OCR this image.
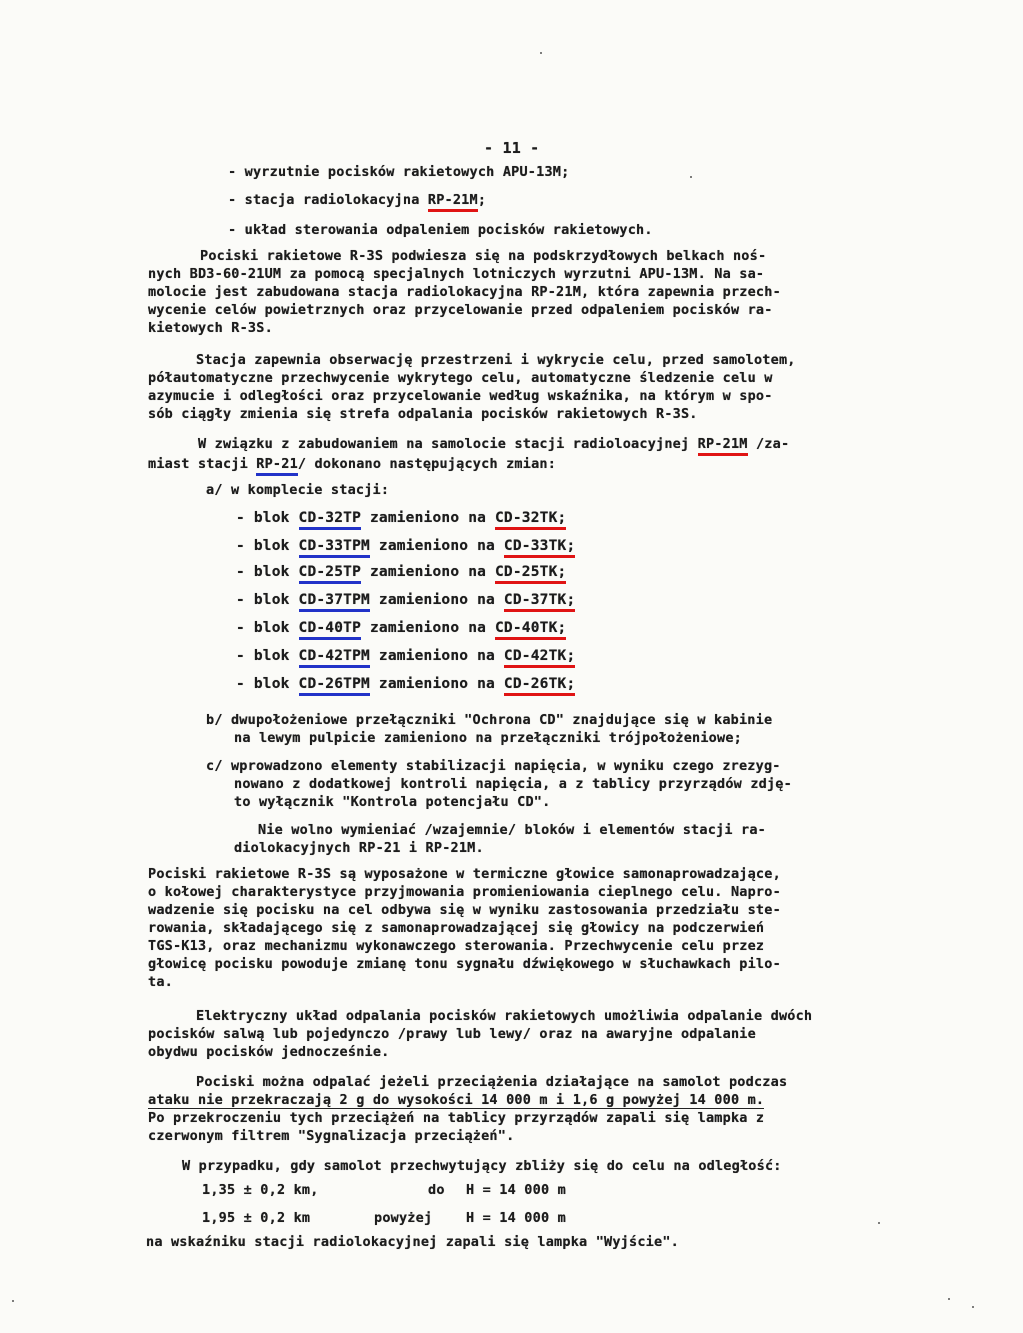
- 11 -
- wyrzutnie pocisków rakietowych APU-13M;
- stacja radiolokacyjna RP-21M;
- układ sterowania odpaleniem pocisków rakietowych.
Pociski rakietowe R-3S podwiesza się na podskrzydłowych belkach noś-
nych BD3-60-21UM za pomocą specjalnych lotniczych wyrzutni APU-13M. Na sa-
molocie jest zabudowana stacja radiolokacyjna RP-21M, która zapewnia przech-
wycenie celów powietrznych oraz przycelowanie przed odpaleniem pocisków ra-
kietowych R-3S.
Stacja zapewnia obserwację przestrzeni i wykrycie celu, przed samolotem,
półautomatyczne przechwycenie wykrytego celu, automatyczne śledzenie celu w
azymucie i odległości oraz przycelowanie według wskaźnika, na którym w spo-
sób ciągły zmienia się strefa odpalania pocisków rakietowych R-3S.
W związku z zabudowaniem na samolocie stacji radioloacyjnej RP-21M /za-
miast stacji RP-21/ dokonano następujących zmian:
a/ w komplecie stacji:
- blok CD-32TP zamieniono na CD-32TK;
- blok CD-33TPM zamieniono na CD-33TK;
- blok CD-25TP zamieniono na CD-25TK;
- blok CD-37TPM zamieniono na CD-37TK;
- blok CD-40TP zamieniono na CD-40TK;
- blok CD-42TPM zamieniono na CD-42TK;
- blok CD-26TPM zamieniono na CD-26TK;
b/ dwupołożeniowe przełączniki "Ochrona CD" znajdujące się w kabinie
na lewym pulpicie zamieniono na przełączniki trójpołożeniowe;
c/ wprowadzono elementy stabilizacji napięcia, w wyniku czego zrezyg-
nowano z dodatkowej kontroli napięcia, a z tablicy przyrządów zdję-
to wyłącznik "Kontrola potencjału CD".
Nie wolno wymieniać /wzajemnie/ bloków i elementów stacji ra-
diolokacyjnych RP-21 i RP-21M.
Pociski rakietowe R-3S są wyposażone w termiczne głowice samonaprowadzające,
o kołowej charakterystyce przyjmowania promieniowania cieplnego celu. Napro-
wadzenie się pocisku na cel odbywa się w wyniku zastosowania przedziału ste-
rowania, składającego się z samonaprowadzającej się głowicy na podczerwień
TGS-K13, oraz mechanizmu wykonawczego sterowania. Przechwycenie celu przez
głowicę pocisku powoduje zmianę tonu sygnału dźwiękowego w słuchawkach pilo-
ta.
Elektryczny układ odpalania pocisków rakietowych umożliwia odpalanie dwóch
pocisków salwą lub pojedynczo /prawy lub lewy/ oraz na awaryjne odpalanie
obydwu pocisków jednocześnie.
Pociski można odpalać jeżeli przeciążenia działające na samolot podczas
ataku nie przekraczają 2 g do wysokości 14 000 m i 1,6 g powyżej 14 000 m.
Po przekroczeniu tych przeciążeń na tablicy przyrządów zapali się lampka z
czerwonym filtrem "Sygnalizacja przeciążeń".
W przypadku, gdy samolot przechwytujący zbliży się do celu na odległość:
1,35 ± 0,2 km,	do H = 14 000 m
1,95 ± 0,2 km	powyżej H = 14 000 m
na wskaźniku stacji radiolokacyjnej zapali się lampka "Wyjście".
